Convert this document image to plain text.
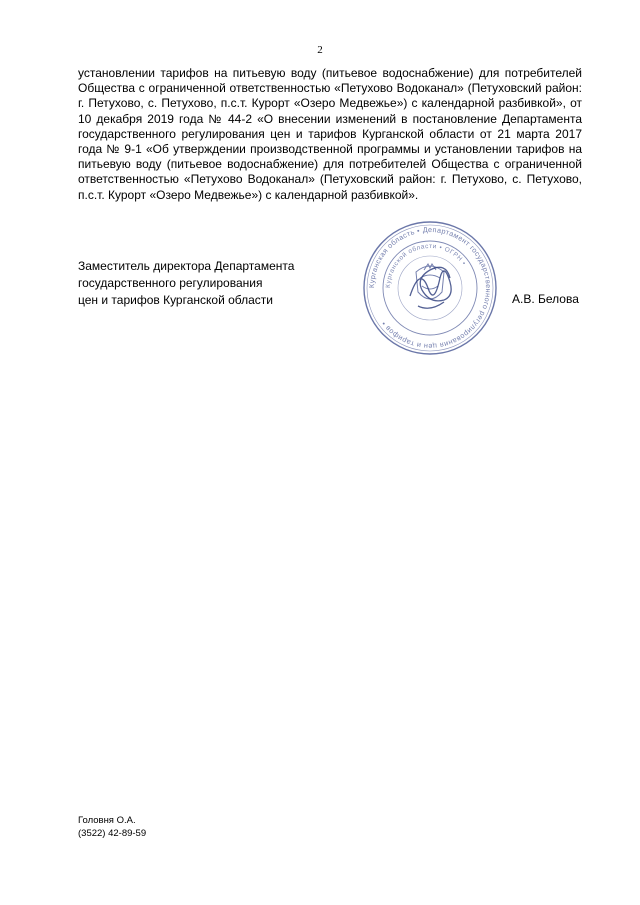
2

установлении тарифов на питьевую воду (питьевое водоснабжение) для потребителей Общества с ограниченной ответственностью «Петухово Водоканал» (Петуховский район: г. Петухово, с. Петухово, п.с.т. Курорт «Озеро Медвежье») с календарной разбивкой», от 10 декабря 2019 года № 44-2 «О внесении изменений в постановление Департамента государственного регулирования цен и тарифов Курганской области от 21 марта 2017 года № 9-1 «Об утверждении производственной программы и установлении тарифов на питьевую воду (питьевое водоснабжение) для потребителей Общества с ограниченной ответственностью «Петухово Водоканал» (Петуховский район: г. Петухово, с. Петухово, п.с.т. Курорт «Озеро Медвежье») с календарной разбивкой».

Заместитель директора Департамента
государственного регулирования
цен и тарифов Курганской области
Курганская область • Департамент государственного регулирования цен и тарифов •
Курганской области • ОГРН •
А.В. Белова
Головня О.А.
(3522) 42-89-59
